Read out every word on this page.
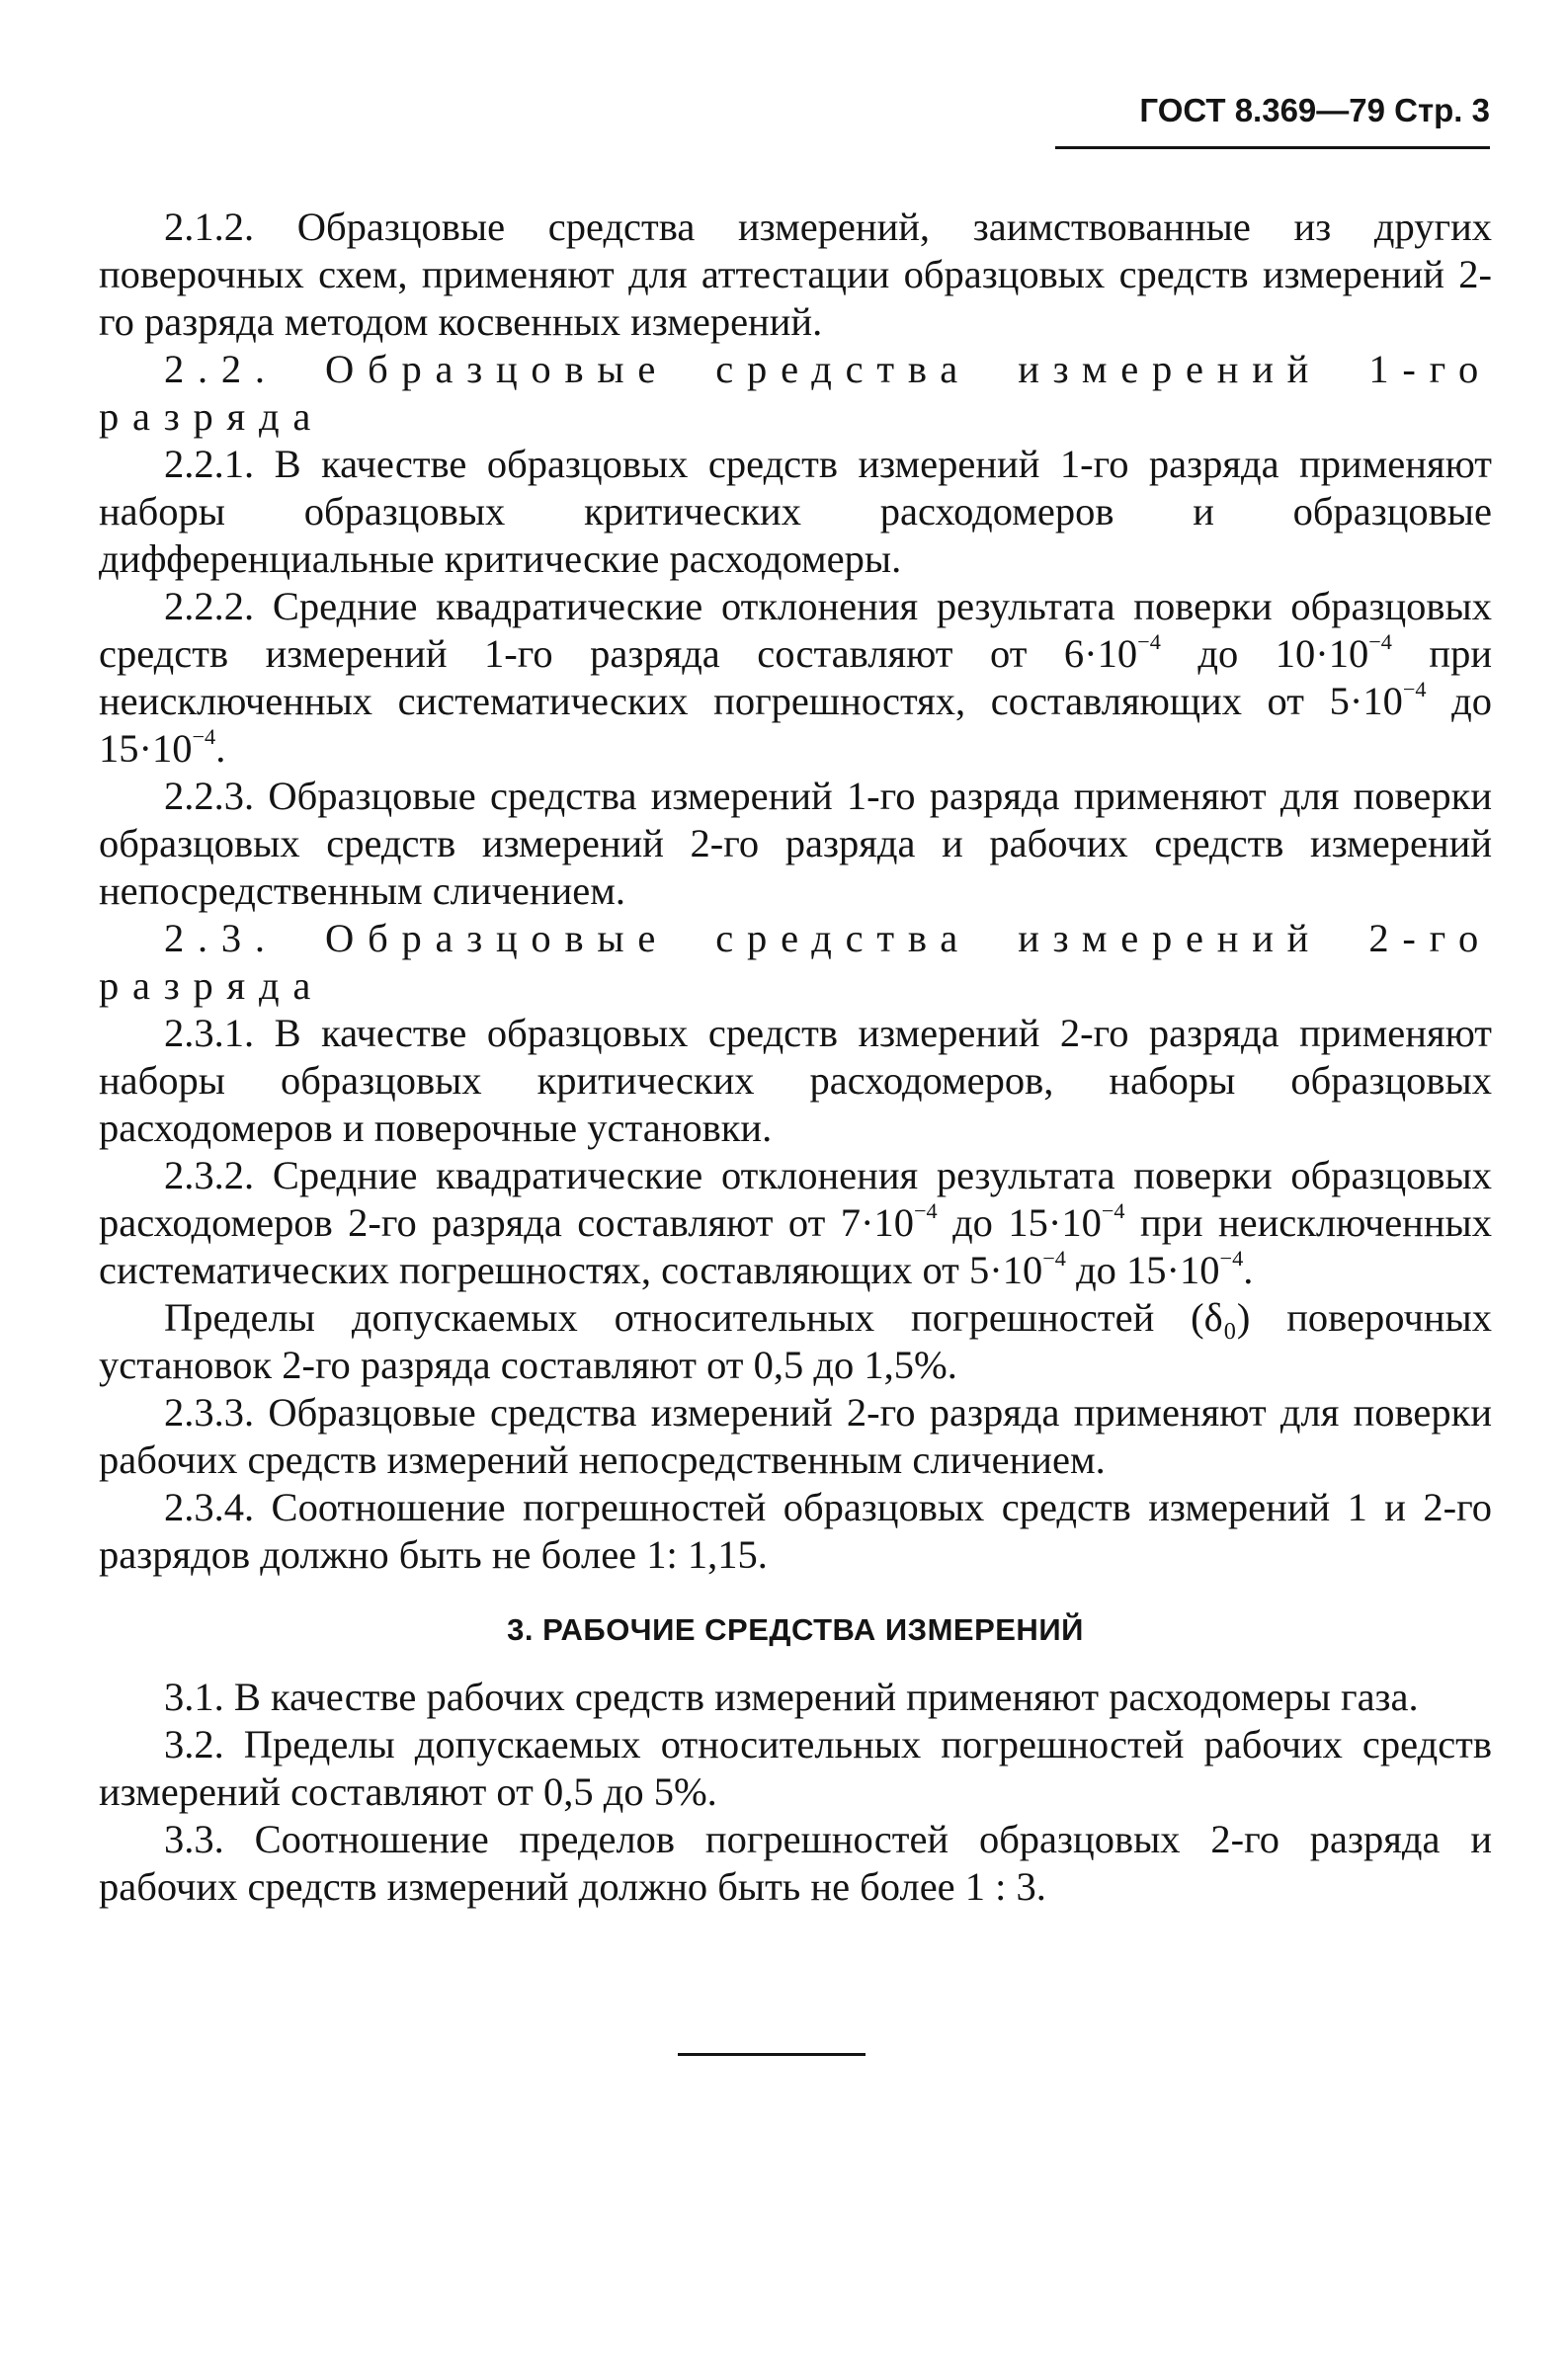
ГОСТ 8.369—79 Стр. 3

2.1.2. Образцовые средства измерений, заимствованные из других поверочных схем, применяют для аттестации образцовых средств измерений 2-го разряда методом косвенных измерений.

2.2. Образцовые средства измерений 1-го разряда

2.2.1. В качестве образцовых средств измерений 1-го разряда применяют наборы образцовых критических расходомеров и образцовые дифференциальные критические расходомеры.

2.2.2. Средние квадратические отклонения результата поверки образцовых средств измерений 1-го разряда составляют от $6\cdot 10^{-4}$ до $10\cdot 10^{-4}$ при неисключенных систематических погрешностях, составляющих от $5\cdot 10^{-4}$ до $15\cdot 10^{-4}$.

2.2.3. Образцовые средства измерений 1-го разряда применяют для поверки образцовых средств измерений 2-го разряда и рабочих средств измерений непосредственным сличением.

2.3. Образцовые средства измерений 2-го разряда

2.3.1. В качестве образцовых средств измерений 2-го разряда применяют наборы образцовых критических расходомеров, наборы образцовых расходомеров и поверочные установки.

2.3.2. Средние квадратические отклонения результата поверки образцовых расходомеров 2-го разряда составляют от $7\cdot 10^{-4}$ до $15\cdot 10^{-4}$ при неисключенных систематических погрешностях, составляющих от $5\cdot 10^{-4}$ до $15\cdot 10^{-4}$.

Пределы допускаемых относительных погрешностей (δ₀) поверочных установок 2-го разряда составляют от 0,5 до 1,5%.

2.3.3. Образцовые средства измерений 2-го разряда применяют для поверки рабочих средств измерений непосредственным сличением.

2.3.4. Соотношение погрешностей образцовых средств измерений 1 и 2-го разрядов должно быть не более 1: 1,15.

3. РАБОЧИЕ СРЕДСТВА ИЗМЕРЕНИЙ

3.1. В качестве рабочих средств измерений применяют расходомеры газа.

3.2. Пределы допускаемых относительных погрешностей рабочих средств измерений составляют от 0,5 до 5%.

3.3. Соотношение пределов погрешностей образцовых 2-го разряда и рабочих средств измерений должно быть не более 1 : 3.
